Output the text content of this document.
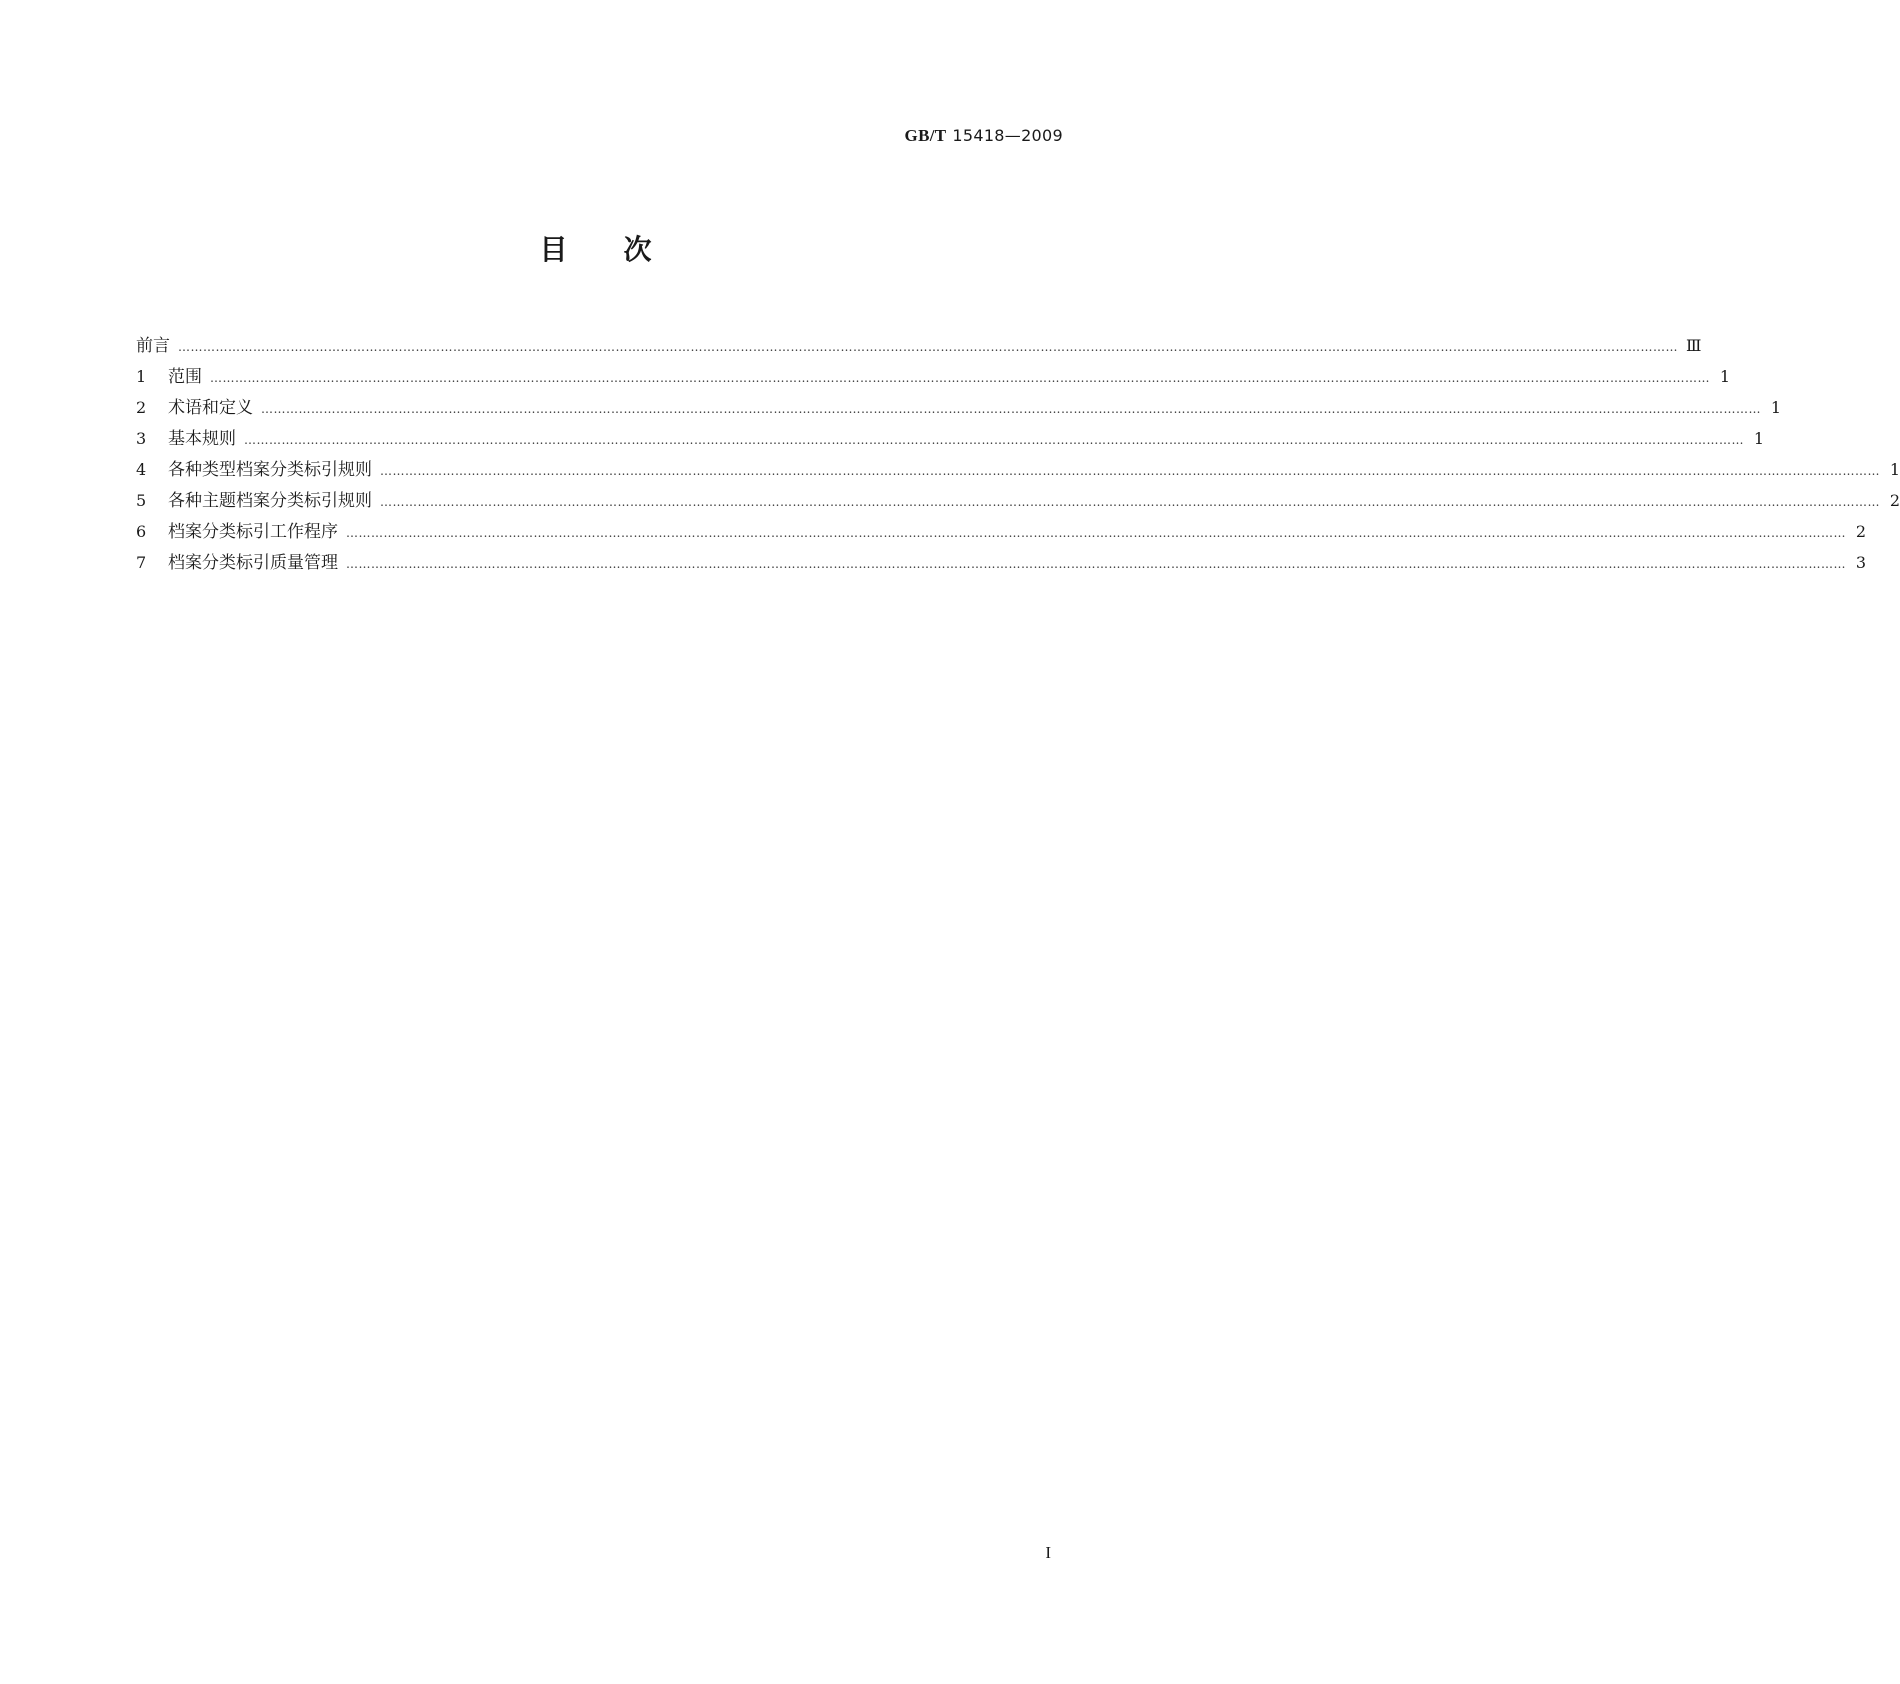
GB/T 15418—2009
目次
前言 ……………………………………………………………………………………………………………………………………………………………………………………………………………………………………………………………………………………………………………………………… Ⅲ
1	范围 ……………………………………………………………………………………………………………………………………………………………………………………………………………………………………………………………………………………………………………………………… 1
2	术语和定义 ……………………………………………………………………………………………………………………………………………………………………………………………………………………………………………………………………………………………………………………………… 1
3	基本规则 ……………………………………………………………………………………………………………………………………………………………………………………………………………………………………………………………………………………………………………………………… 1
4	各种类型档案分类标引规则 ……………………………………………………………………………………………………………………………………………………………………………………………………………………………………………………………………………………………………………………………… 1
5	各种主题档案分类标引规则 ……………………………………………………………………………………………………………………………………………………………………………………………………………………………………………………………………………………………………………………………… 2
6	档案分类标引工作程序 ……………………………………………………………………………………………………………………………………………………………………………………………………………………………………………………………………………………………………………………………… 2
7	档案分类标引质量管理 ……………………………………………………………………………………………………………………………………………………………………………………………………………………………………………………………………………………………………………………………… 3
I
